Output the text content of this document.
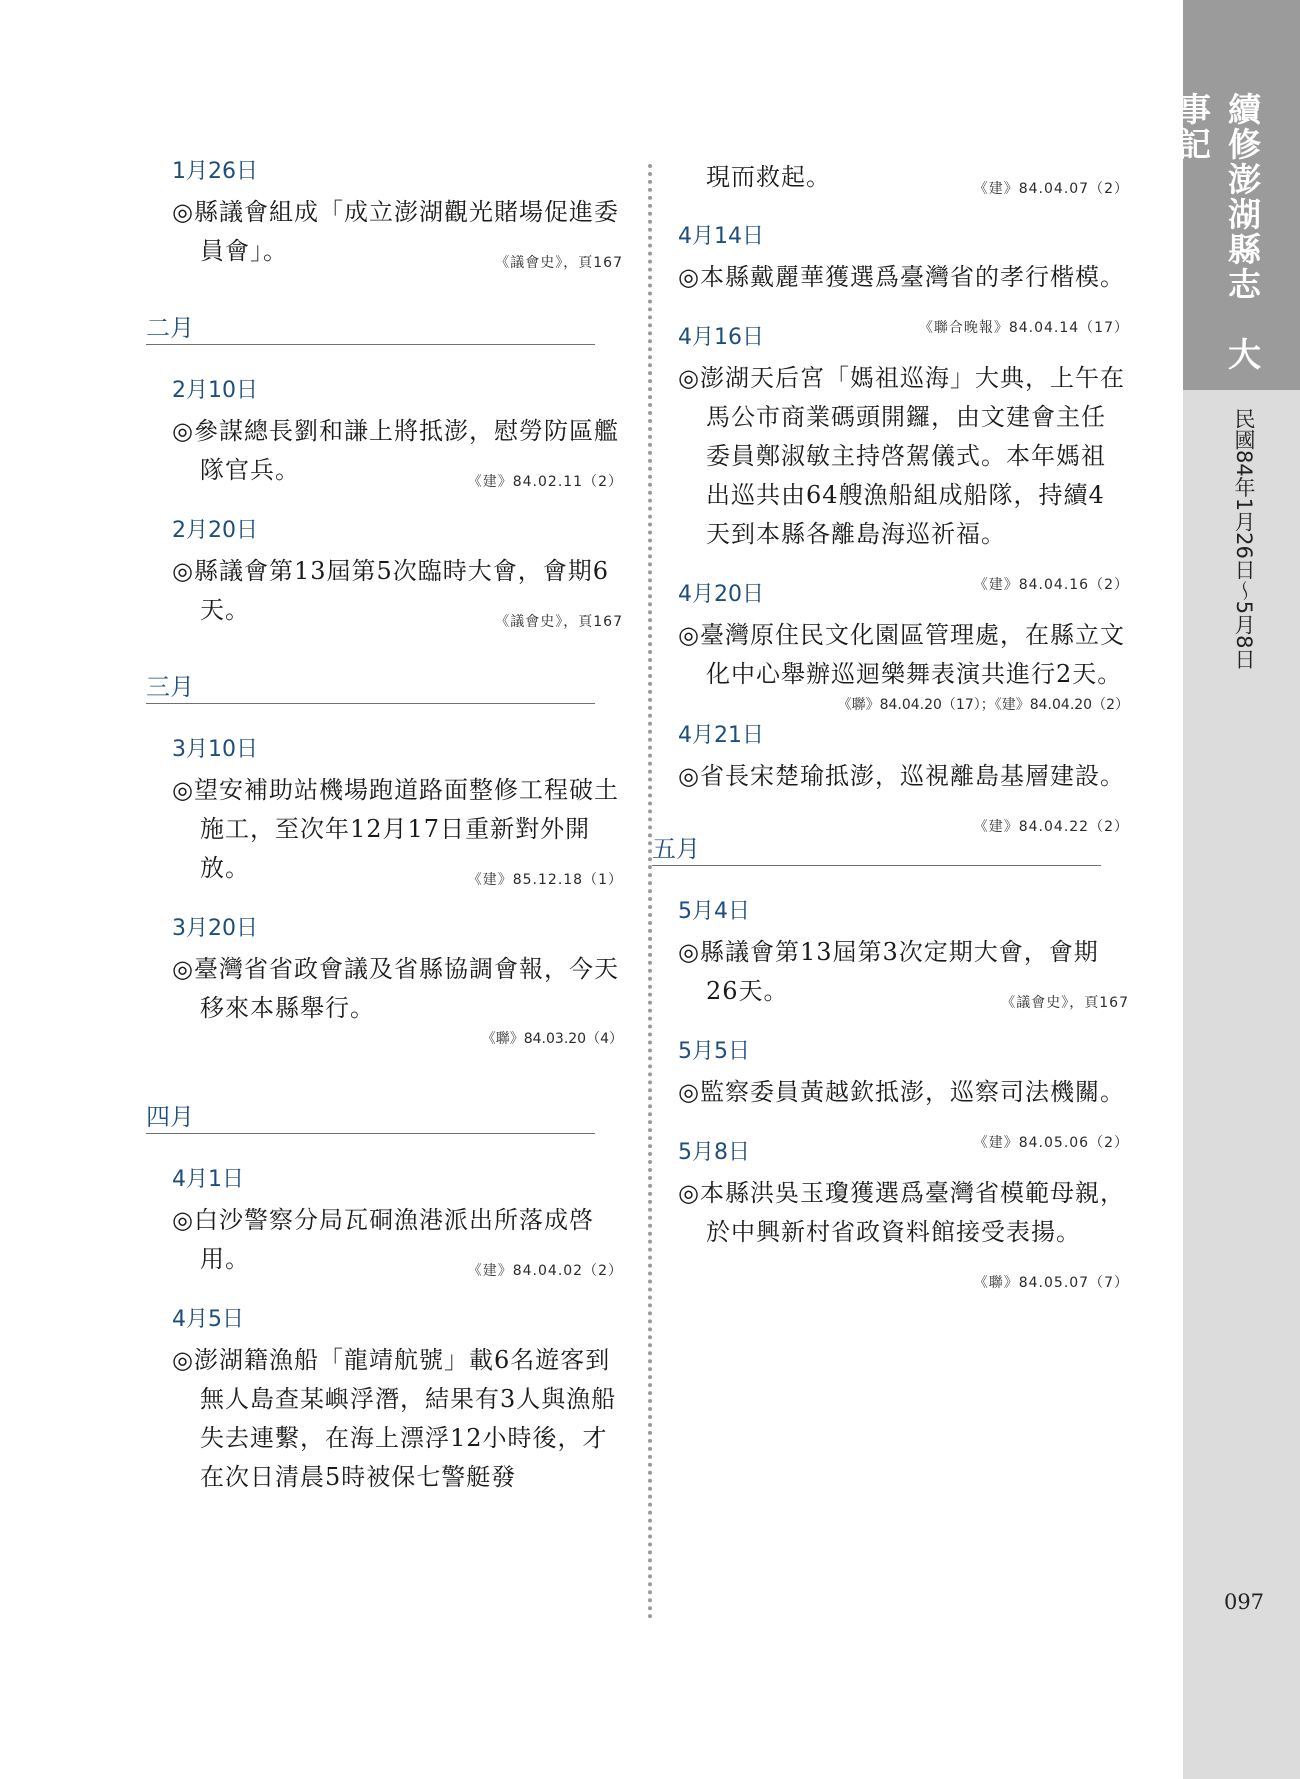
1月26日

◎縣議會組成「成立澎湖觀光賭場促進委員會」。	《議會史》，頁167

二月
2月10日

◎參謀總長劉和謙上將抵澎，慰勞防區艦隊官兵。	《建》84.02.11（2）

2月20日

◎縣議會第13屆第5次臨時大會，會期6天。	《議會史》，頁167

三月
3月10日

◎望安補助站機場跑道路面整修工程破土施工，至次年12月17日重新對外開放。	《建》85.12.18（1）

3月20日

◎臺灣省省政會議及省縣協調會報，今天移來本縣舉行。

《聯》84.03.20（4）
四月
4月1日

◎白沙警察分局瓦硐漁港派出所落成啓用。	《建》84.04.02（2）

4月5日

◎澎湖籍漁船「龍靖航號」載6名遊客到無人島查某嶼浮潛，結果有3人與漁船失去連繫，在海上漂浮12小時後，才在次日清晨5時被保七警艇發

現而救起。	《建》84.04.07（2）

4月14日

◎本縣戴麗華獲選爲臺灣省的孝行楷模。
《聯合晚報》84.04.14（17）

4月16日

◎澎湖天后宮「媽祖巡海」大典，上午在馬公市商業碼頭開鑼，由文建會主任委員鄭淑敏主持啓駕儀式。本年媽祖出巡共由64艘漁船組成船隊，持續4天到本縣各離島海巡祈福。
《建》84.04.16（2）

4月20日

◎臺灣原住民文化園區管理處，在縣立文化中心舉辦巡迴樂舞表演共進行2天。

《聯》84.04.20（17）；《建》84.04.20（2）
4月21日

◎省長宋楚瑜抵澎，巡視離島基層建設。
《建》84.04.22（2）

五月
5月4日

◎縣議會第13屆第3次定期大會，會期26天。	《議會史》，頁167

5月5日

◎監察委員黃越欽抵澎，巡察司法機關。
《建》84.05.06（2）

5月8日

◎本縣洪吳玉瓊獲選爲臺灣省模範母親，於中興新村省政資料館接受表揚。
《聯》84.05.07（7）

續修澎湖縣志　大事記
民國84年1月26日～5月8日
097
